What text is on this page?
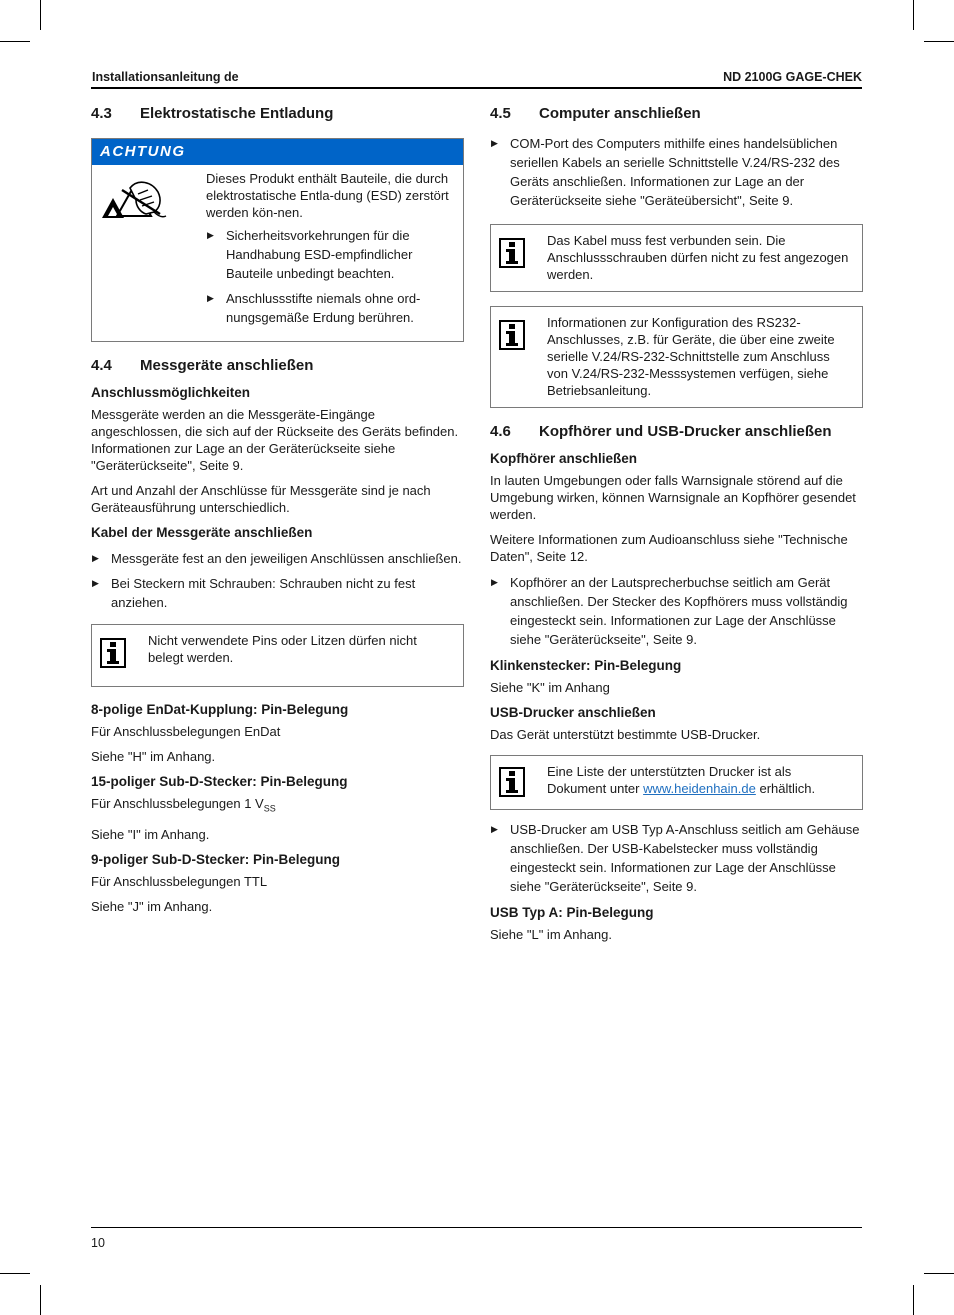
Installationsanleitung de	ND 2100G GAGE-CHEK
4.3	Elektrostatische Entladung
ACHTUNG
Dieses Produkt enthält Bauteile, die durch elektrostatische Entla-dung (ESD) zerstört werden kön-nen.
▶ Sicherheitsvorkehrungen für die Handhabung ESD-empfindlicher Bauteile unbedingt beachten.
▶ Anschlussstifte niemals ohne ord-nungsgemäße Erdung berühren.
4.4	Messgeräte anschließen
Anschlussmöglichkeiten

Messgeräte werden an die Messgeräte-Eingänge angeschlossen, die sich auf der Rückseite des Geräts befinden. Informationen zur Lage an der Geräterückseite siehe "Geräterückseite", Seite 9.

Art und Anzahl der Anschlüsse für Messgeräte sind je nach Geräteausführung unterschiedlich.

Kabel der Messgeräte anschließen
▶ Messgeräte fest an den jeweiligen Anschlüssen anschließen.
▶ Bei Steckern mit Schrauben: Schrauben nicht zu fest anziehen.
Nicht verwendete Pins oder Litzen dürfen nicht belegt werden.
8-polige EnDat-Kupplung: Pin-Belegung

Für Anschlussbelegungen EnDat

Siehe "H" im Anhang.

15-poliger Sub-D-Stecker: Pin-Belegung

Für Anschlussbelegungen 1 $V_{SS}$

Siehe "I" im Anhang.

9-poliger Sub-D-Stecker: Pin-Belegung

Für Anschlussbelegungen TTL

Siehe "J" im Anhang.

4.5	Computer anschließen
▶ COM-Port des Computers mithilfe eines handelsüblichen seriellen Kabels an serielle Schnittstelle V.24/RS-232 des Geräts anschließen. Informationen zur Lage an der Geräterückseite siehe "Geräteübersicht", Seite 9.
Das Kabel muss fest verbunden sein. Die Anschlussschrauben dürfen nicht zu fest angezogen werden.
Informationen zur Konfiguration des RS232-Anschlusses, z.B. für Geräte, die über eine zweite serielle V.24/RS-232-Schnittstelle zum Anschluss von V.24/RS-232-Messsystemen verfügen, siehe Betriebsanleitung.
4.6	Kopfhörer und USB-Drucker anschließen
Kopfhörer anschließen

In lauten Umgebungen oder falls Warnsignale störend auf die Umgebung wirken, können Warnsignale an Kopfhörer gesendet werden.

Weitere Informationen zum Audioanschluss siehe "Technische Daten", Seite 12.

▶ Kopfhörer an der Lautsprecherbuchse seitlich am Gerät anschließen. Der Stecker des Kopfhörers muss vollständig eingesteckt sein. Informationen zur Lage der Anschlüsse siehe "Geräterückseite", Seite 9.
Klinkenstecker: Pin-Belegung

Siehe "K" im Anhang

USB-Drucker anschließen

Das Gerät unterstützt bestimmte USB-Drucker.

Eine Liste der unterstützten Drucker ist als Dokument unter www.heidenhain.de erhältlich.
▶ USB-Drucker am USB Typ A-Anschluss seitlich am Gehäuse anschließen. Der USB-Kabelstecker muss vollständig eingesteckt sein. Informationen zur Lage der Anschlüsse siehe "Geräterückseite", Seite 9.
USB Typ A: Pin-Belegung

Siehe "L" im Anhang.

10
